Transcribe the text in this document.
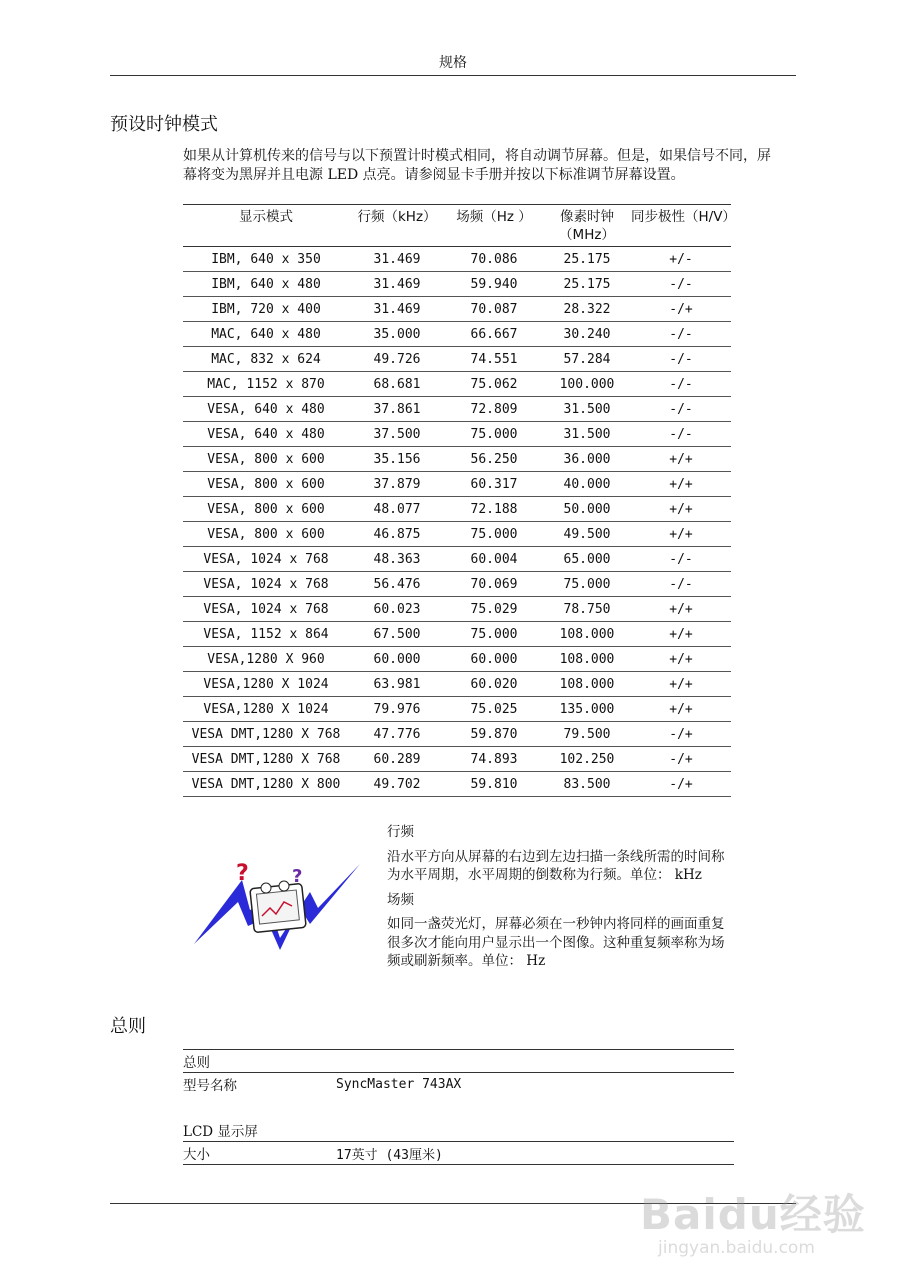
规格
预设时钟模式
如果从计算机传来的信号与以下预置计时模式相同，将自动调节屏幕。但是，如果信号不同，屏幕将变为黑屏并且电源 LED 点亮。请参阅显卡手册并按以下标准调节屏幕设置。
显示模式	行频（kHz）	场频（Hz ）	像素时钟（MHz）	同步极性（H/V）
IBM, 640 x 350	31.469	70.086	25.175	+/-
IBM, 640 x 480	31.469	59.940	25.175	-/-
IBM, 720 x 400	31.469	70.087	28.322	-/+
MAC, 640 x 480	35.000	66.667	30.240	-/-
MAC, 832 x 624	49.726	74.551	57.284	-/-
MAC, 1152 x 870	68.681	75.062	100.000	-/-
VESA, 640 x 480	37.861	72.809	31.500	-/-
VESA, 640 x 480	37.500	75.000	31.500	-/-
VESA, 800 x 600	35.156	56.250	36.000	+/+
VESA, 800 x 600	37.879	60.317	40.000	+/+
VESA, 800 x 600	48.077	72.188	50.000	+/+
VESA, 800 x 600	46.875	75.000	49.500	+/+
VESA, 1024 x 768	48.363	60.004	65.000	-/-
VESA, 1024 x 768	56.476	70.069	75.000	-/-
VESA, 1024 x 768	60.023	75.029	78.750	+/+
VESA, 1152 x 864	67.500	75.000	108.000	+/+
VESA,1280 X 960	60.000	60.000	108.000	+/+
VESA,1280 X 1024	63.981	60.020	108.000	+/+
VESA,1280 X 1024	79.976	75.025	135.000	+/+
VESA DMT,1280 X 768	47.776	59.870	79.500	-/+
VESA DMT,1280 X 768	60.289	74.893	102.250	-/+
VESA DMT,1280 X 800	49.702	59.810	83.500	-/+
? ?
行频
沿水平方向从屏幕的右边到左边扫描一条线所需的时间称为水平周期，水平周期的倒数称为行频。单位： kHz
场频
如同一盏荧光灯，屏幕必须在一秒钟内将同样的画面重复很多次才能向用户显示出一个图像。这种重复频率称为场频或刷新频率。单位： Hz
总则
总则
型号名称	SyncMaster 743AX
LCD 显示屏
大小	17英寸 (43厘米)
Baidu经验
jingyan.baidu.com
